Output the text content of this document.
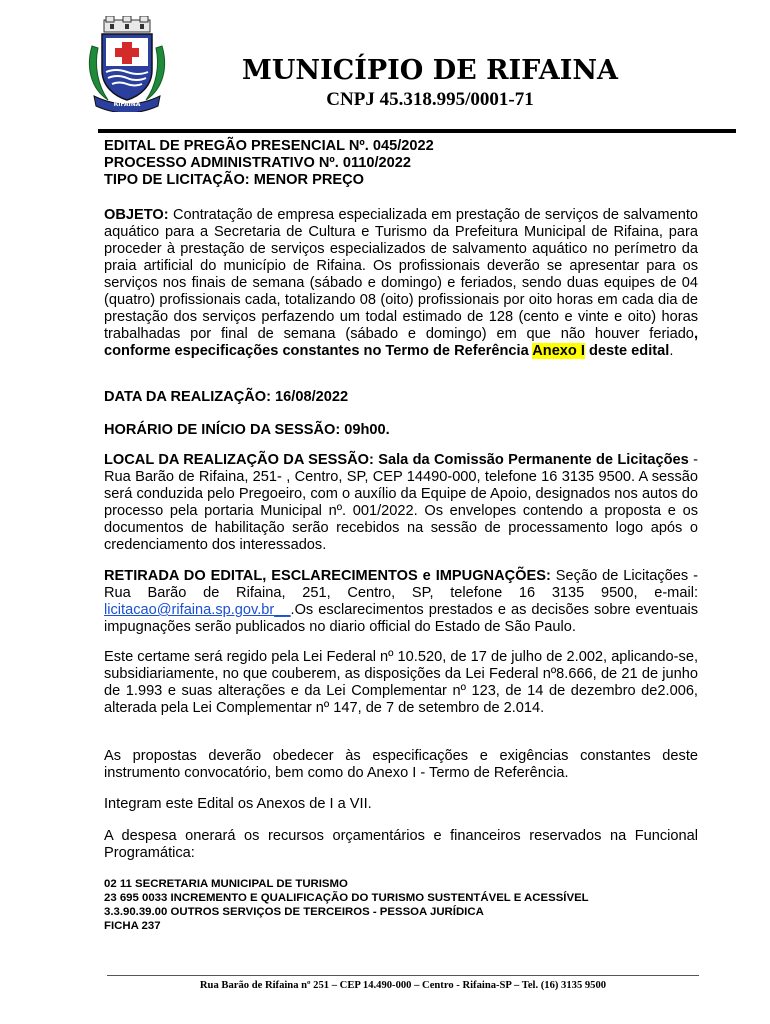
RIFAINA
MUNICÍPIO DE RIFAINA
CNPJ 45.318.995/0001-71
EDITAL DE PREGÃO PRESENCIAL Nº. 045/2022
PROCESSO ADMINISTRATIVO Nº. 0110/2022
TIPO DE LICITAÇÃO: MENOR PREÇO
OBJETO: Contratação de empresa especializada em prestação de serviços de salvamento aquático para a Secretaria de Cultura e Turismo da Prefeitura Municipal de Rifaina, para proceder à prestação de serviços especializados de salvamento aquático no perímetro da praia artificial do município de Rifaina. Os profissionais deverão se apresentar para os serviços nos finais de semana (sábado e domingo) e feriados, sendo duas equipes de 04 (quatro) profissionais cada, totalizando 08 (oito) profissionais por oito horas em cada dia de prestação dos serviços perfazendo um todal estimado de 128 (cento e vinte e oito) horas trabalhadas por final de semana (sábado e domingo) em que não houver feriado, conforme especificações constantes no Termo de Referência Anexo I deste edital.
DATA DA REALIZAÇÃO: 16/08/2022
HORÁRIO DE INÍCIO DA SESSÃO: 09h00.
LOCAL DA REALIZAÇÃO DA SESSÃO: Sala da Comissão Permanente de Licitações - Rua Barão de Rifaina, 251- , Centro, SP, CEP 14490-000, telefone 16 3135 9500. A sessão será conduzida pelo Pregoeiro, com o auxílio da Equipe de Apoio, designados nos autos do processo pela portaria Municipal nº. 001/2022. Os envelopes contendo a proposta e os documentos de habilitação serão recebidos na sessão de processamento logo após o credenciamento dos interessados.
RETIRADA DO EDITAL, ESCLARECIMENTOS e IMPUGNAÇÕES: Seção de Licitações -Rua Barão de Rifaina, 251, Centro, SP, telefone 16 3135 9500, e-mail: licitacao@rifaina.sp.gov.br__.Os esclarecimentos prestados e as decisões sobre eventuais impugnações serão publicados no diario official do Estado de São Paulo.
Este certame será regido pela Lei Federal nº 10.520, de 17 de julho de 2.002, aplicando-se, subsidiariamente, no que couberem, as disposições da Lei Federal nº8.666, de 21 de junho de 1.993 e suas alterações e da Lei Complementar nº 123, de 14 de dezembro de2.006, alterada pela Lei Complementar nº 147, de 7 de setembro de 2.014.
As propostas deverão obedecer às especificações e exigências constantes deste instrumento convocatório, bem como do Anexo I - Termo de Referência.
Integram este Edital os Anexos de I a VII.
A despesa onerará os recursos orçamentários e financeiros reservados na Funcional Programática:
02 11 SECRETARIA MUNICIPAL DE TURISMO
23 695 0033 INCREMENTO E QUALIFICAÇÃO DO TURISMO SUSTENTÁVEL E ACESSÍVEL
3.3.90.39.00 OUTROS SERVIÇOS DE TERCEIROS - PESSOA JURÍDICA
FICHA 237
Rua Barão de Rifaina nº 251 – CEP 14.490-000 – Centro - Rifaina-SP – Tel. (16) 3135 9500
